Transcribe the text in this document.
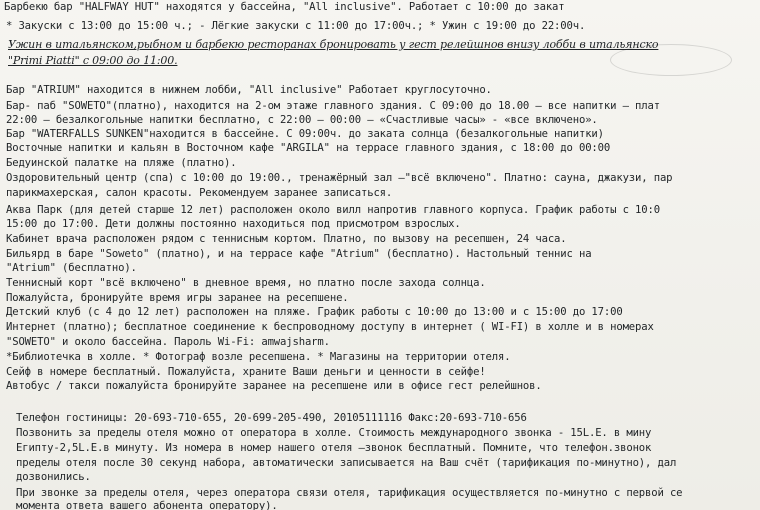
Барбекю бар "HALFWAY HUT" находятся у бассейна, "All inclusive". Работает с 10:00 до закат
* Закуски с 13:00 до 15:00 ч.; - Лёгкие закуски с 11:00 до 17:00ч.; * Ужин с 19:00 до 22:00ч.
Ужин в итальянском,рыбном и барбекю ресторанах бронировать у гест релейшнов внизу лобби в итальянско
"Primi Piatti" с 09:00 до 11:00.
Бар "ATRIUM" находится в нижнем лобби, "All inclusive" Работает круглосуточно.
Бар- паб "SOWETO"(платно), находится на 2-ом этаже главного здания. С 09:00 до 18.00 – все напитки – плат
22:00 – безалкогольные напитки бесплатно, с 22:00 – 00:00 – «Счастливые часы» - «все включено».
Бар "WATERFALLS SUNKEN"находится в бассейне. С 09:00ч. до заката солнца (безалкогольные напитки)
Восточные напитки и кальян в Восточном кафе "ARGILA" на террасе главного здания, с 18:00 до 00:00
Бедуинской палатке на пляже (платно).
Оздоровительный центр (спа) с 10:00 до 19:00., тренажёрный зал –"всё включено". Платно: сауна, джакузи, пар
парикмахерская, салон красоты. Рекомендуем заранее записаться.
Аква Парк (для детей старше 12 лет) расположен около вилл напротив главного корпуса. График работы с 10:0
15:00 до 17:00. Дети должны постоянно находиться под присмотром взрослых.
Кабинет врача расположен рядом с теннисным кортом. Платно, по вызову на ресепшен, 24 часа.
Бильярд в баре "Soweto" (платно), и на террасе кафе "Atrium" (бесплатно). Настольный теннис на
"Atrium" (бесплатно).
Теннисный корт "всё включено" в дневное время, но платно после захода солнца.
Пожалуйста, бронируйте время игры заранее на ресепшене.
Детский клуб (с 4 до 12 лет) расположен на пляже. График работы с 10:00 до 13:00 и с 15:00 до 17:00
Интернет (платно); бесплатное соединение к беспроводному доступу в интернет ( WI-FI) в холле и в номерах
"SOWETO" и около бассейна. Пароль Wi-Fi: amwajsharm.
*Библиотечка в холле. * Фотограф возле ресепшена. * Магазины на территории отеля.
Сейф в номере бесплатный. Пожалуйста, храните Ваши деньги и ценности в сейфе!
Автобус / такси пожалуйста бронируйте заранее на ресепшене или в офисе гест релейшнов.
Телефон гостиницы: 20-693-710-655, 20-699-205-490, 20105111116 Факс:20-693-710-656
Позвонить за пределы отеля можно от оператора в холле. Стоимость международного звонка - 15L.E. в мину
Египту-2,5L.E.в минуту. Из номера в номер нашего отеля –звонок бесплатный. Помните, что телефон.звонок
пределы отеля после 30 секунд набора, автоматически записывается на Ваш счёт (тарификация по-минутно), дал
дозвонились.
При звонке за пределы отеля, через оператора связи отеля, тарификация осуществляется по-минутно с первой се
момента ответа вашего абонента оператору).
